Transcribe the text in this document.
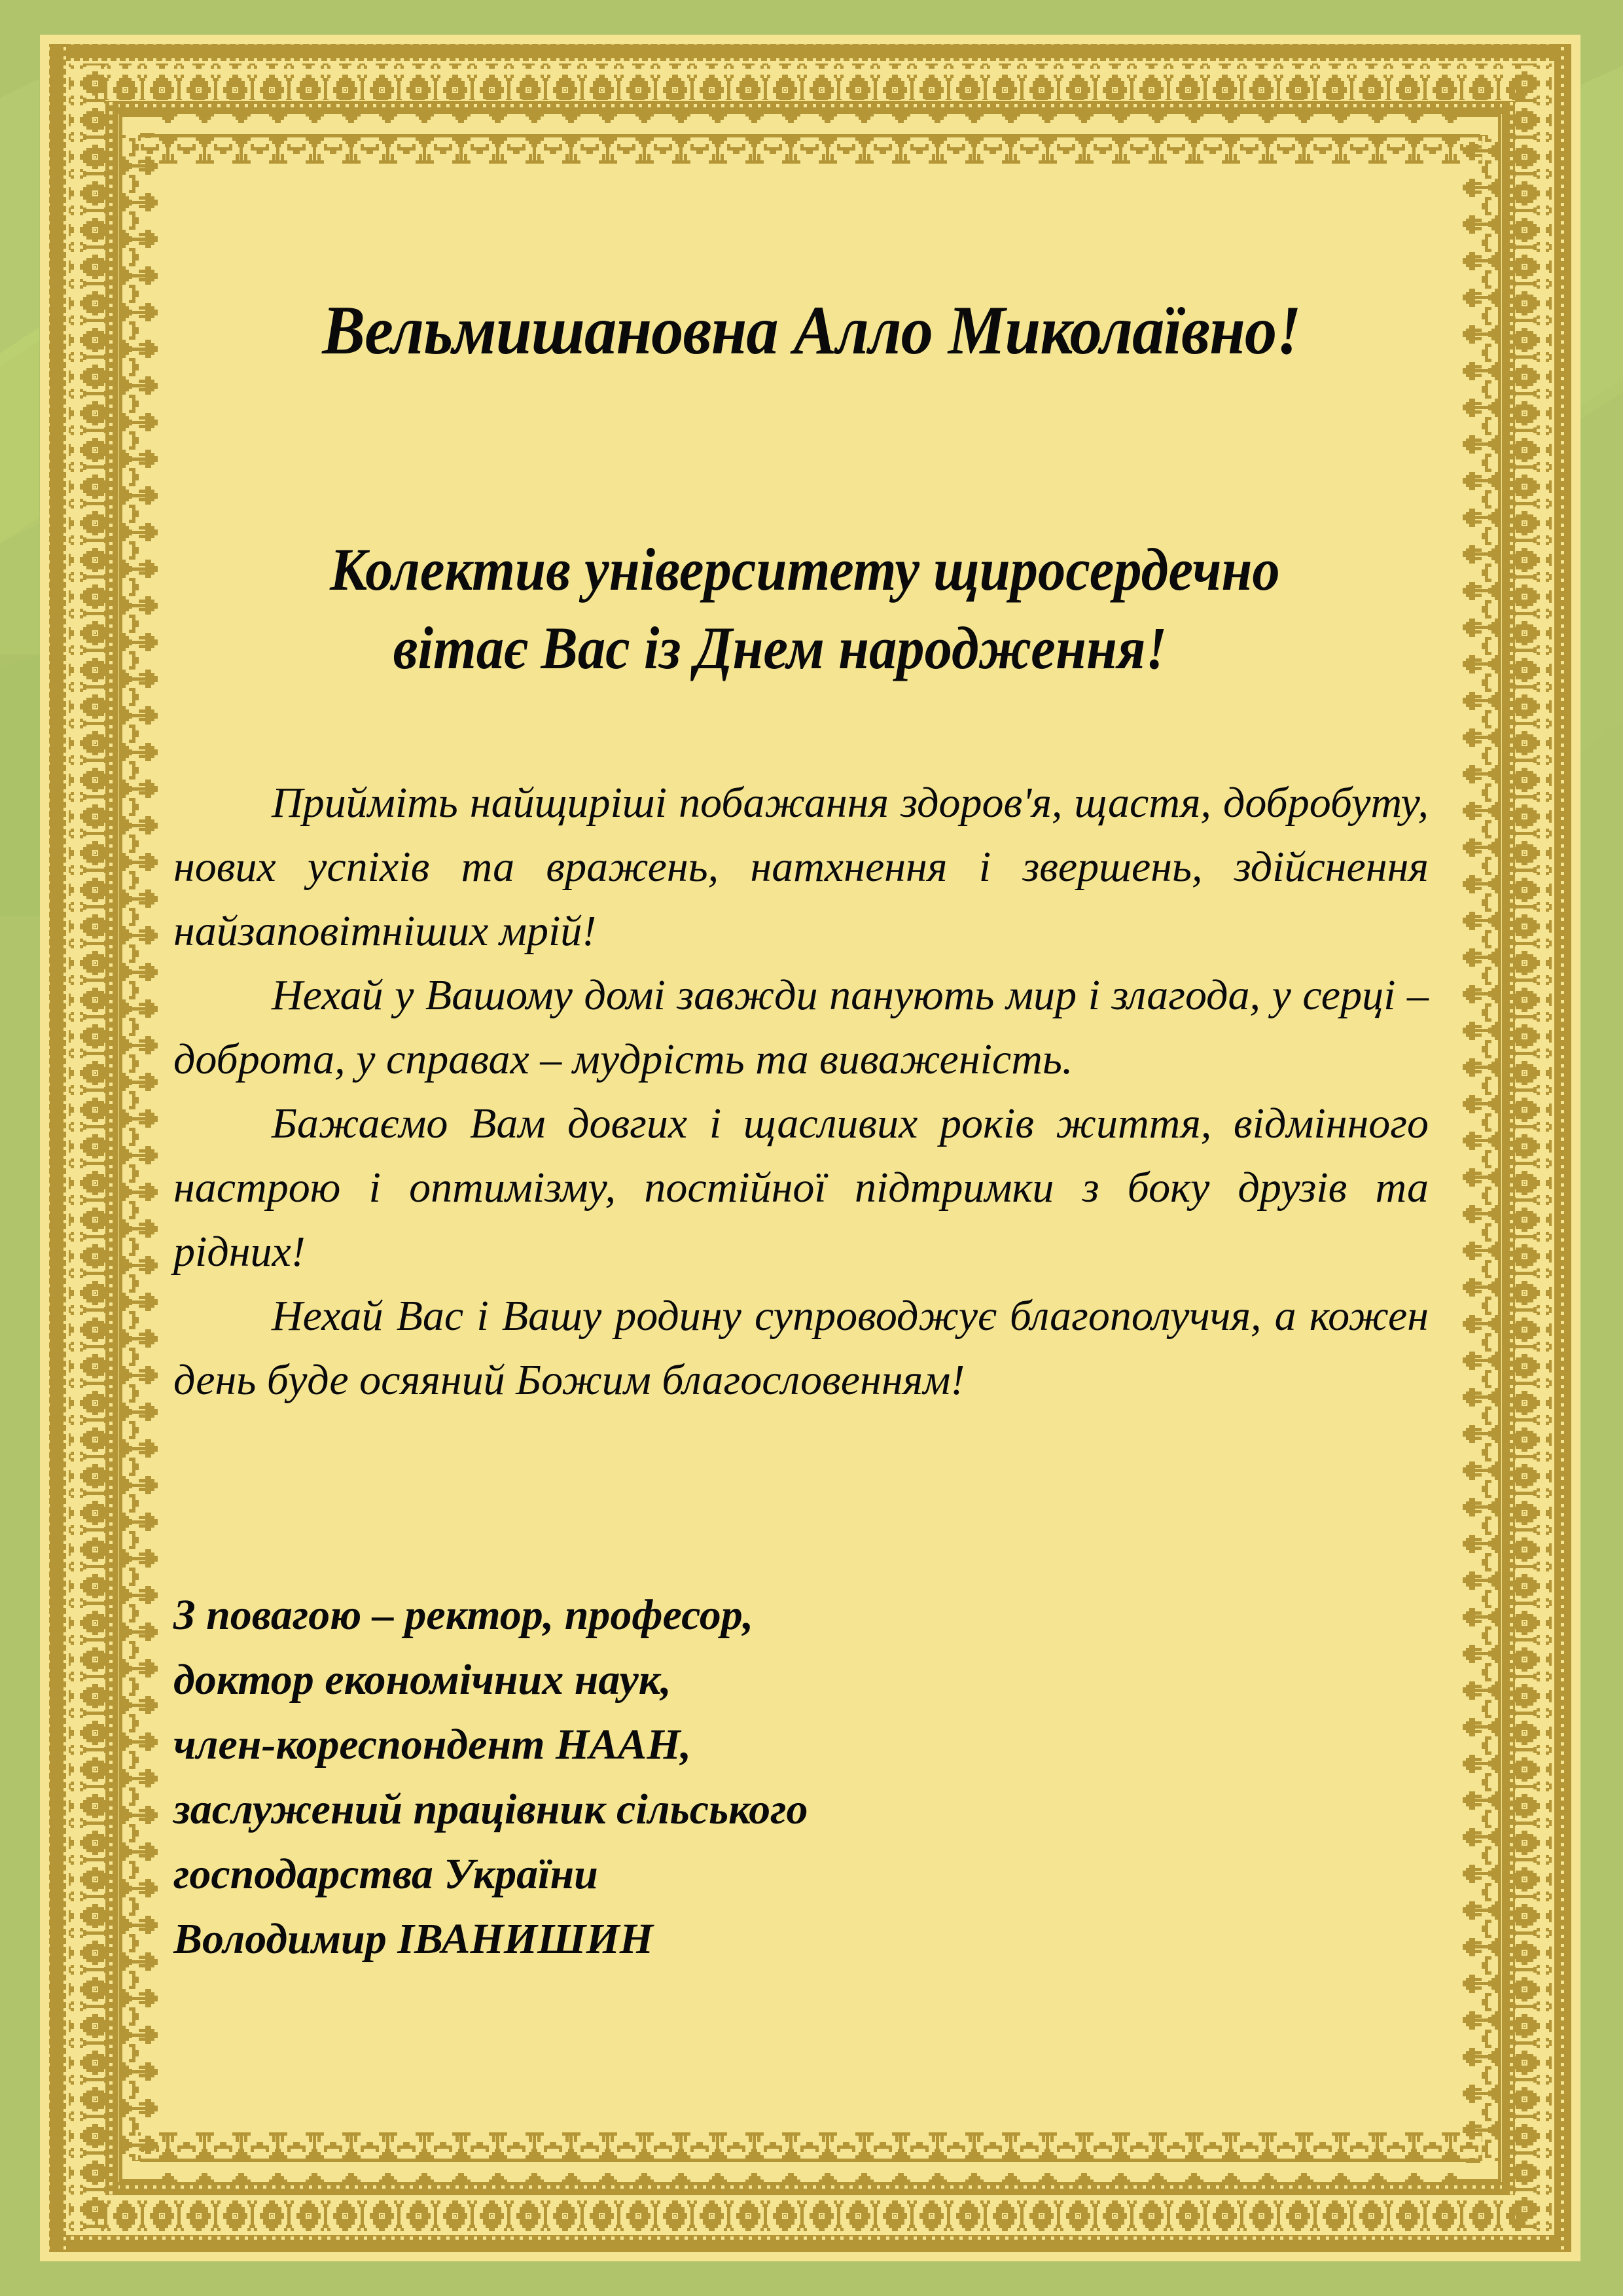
Вельмишановна Алло Миколаївно!
Колектив університету щиросердечно
вітає Вас із Днем народження!

Прийміть найщиріші побажання здоров'я, щастя, добробуту, нових успіхів та вражень, натхнення і звершень, здійснення найзаповітніших мрій!

Нехай у Вашому домі завжди панують мир і злагода, у серці – доброта, у справах – мудрість та виваженість.

Бажаємо Вам довгих і щасливих років життя, відмінного настрою і оптимізму, постійної підтримки з боку друзів та рідних!

Нехай Вас і Вашу родину супроводжує благополуччя, а кожен день буде осяяний Божим благословенням!

З повагою – ректор, професор,
доктор економічних наук,
член-кореспондент НААН,
заслужений працівник сільського
господарства України
Володимир ІВАНИШИН
